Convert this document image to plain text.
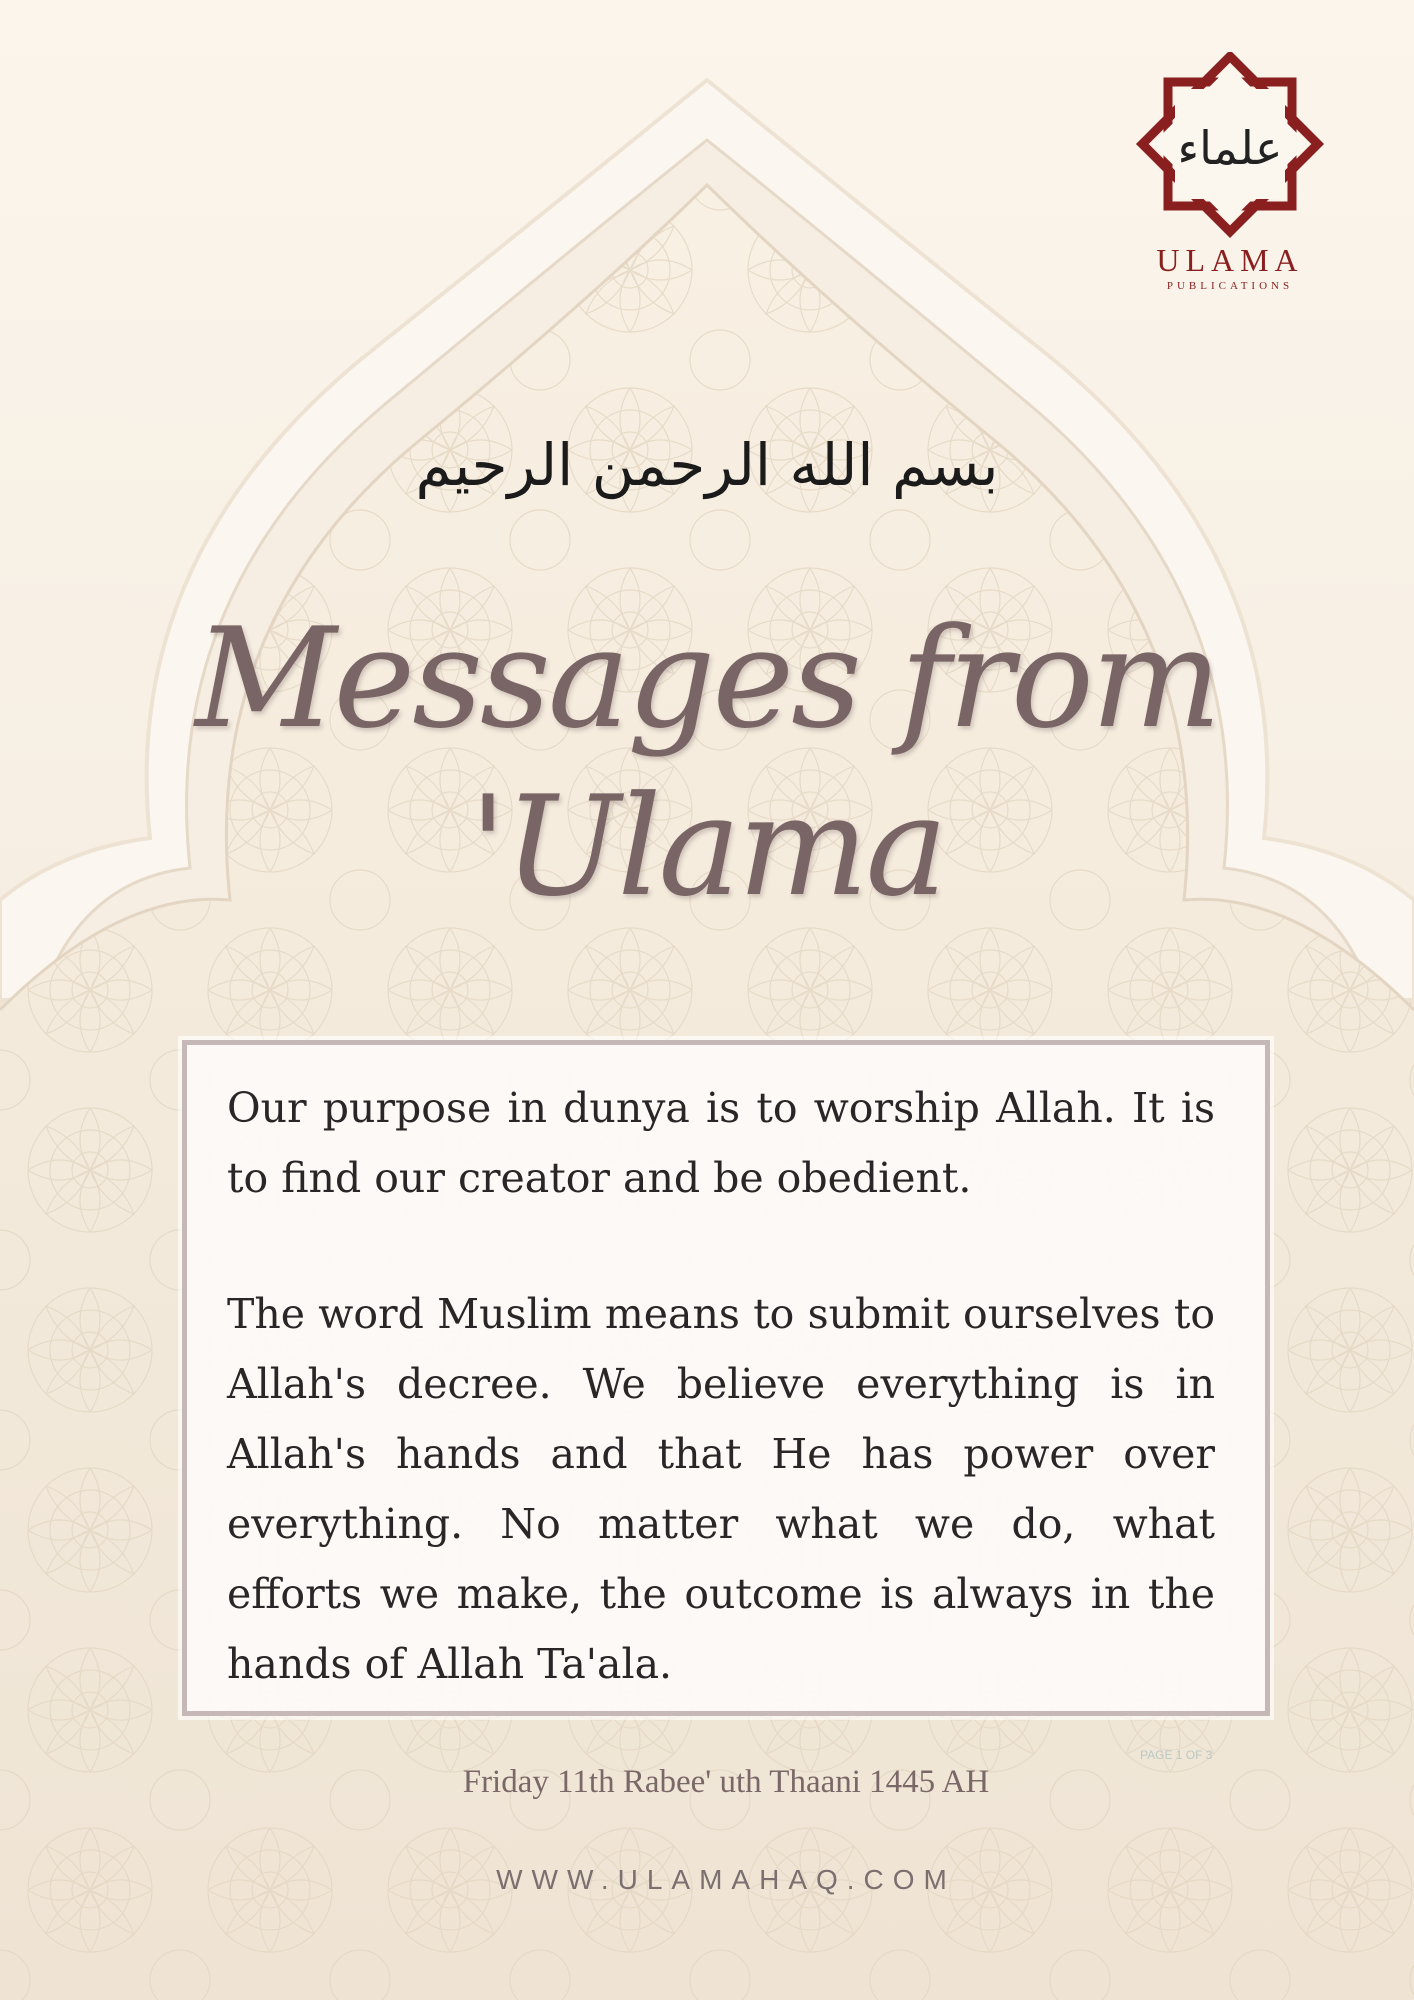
علماء
ULAMA
PUBLICATIONS
بسم الله الرحمن الرحيم
Messages from
'Ulama

Our purpose in dunya is to worship Allah. It is to find our creator and be obedient.

The word Muslim means to submit ourselves to Allah's decree. We believe everything is in Allah's hands and that He has power over everything. No matter what we do, what efforts we make, the outcome is always in the hands of Allah Ta'ala.

PAGE 1 OF 3
Friday 11th Rabee' uth Thaani 1445 AH
WWW.ULAMAHAQ.COM
